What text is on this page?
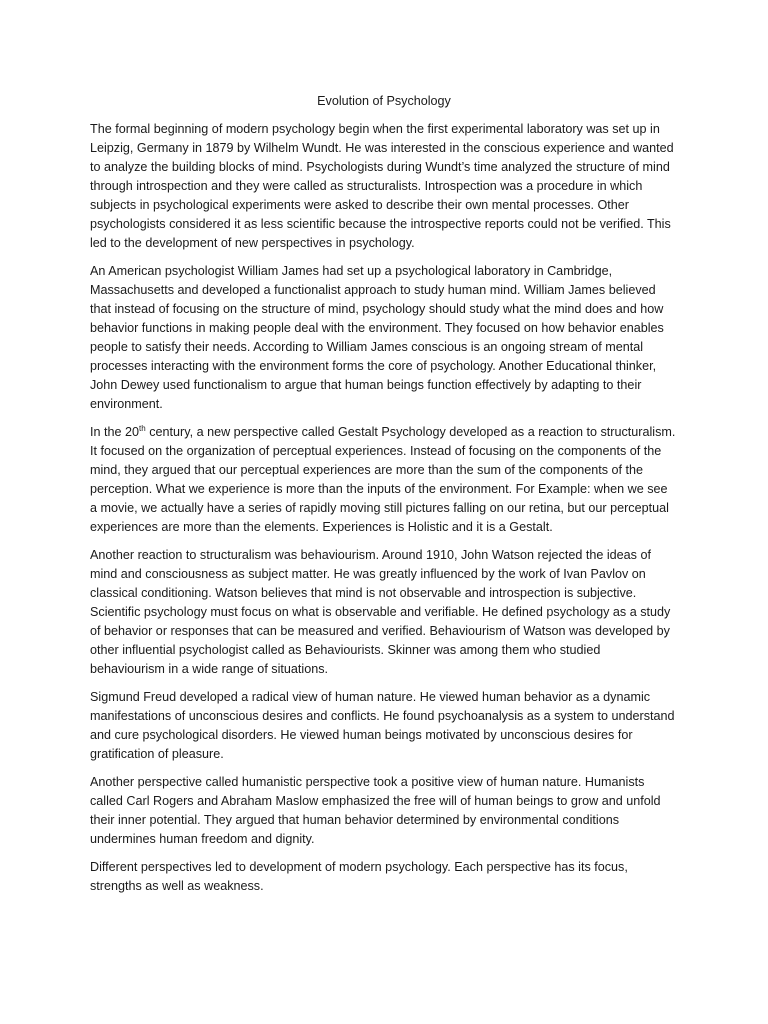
Evolution of Psychology

The formal beginning of modern psychology begin when the first experimental laboratory was set up in Leipzig, Germany in 1879 by Wilhelm Wundt. He was interested in the conscious experience and wanted to analyze the building blocks of mind. Psychologists during Wundt’s time analyzed the structure of mind through introspection and they were called as structuralists. Introspection was a procedure in which subjects in psychological experiments were asked to describe their own mental processes. Other psychologists considered it as less scientific because the introspective reports could not be verified. This led to the development of new perspectives in psychology.

An American psychologist William James had set up a psychological laboratory in Cambridge, Massachusetts and developed a functionalist approach to study human mind. William James believed that instead of focusing on the structure of mind, psychology should study what the mind does and how behavior functions in making people deal with the environment. They focused on how behavior enables people to satisfy their needs. According to William James conscious is an ongoing stream of mental processes interacting with the environment forms the core of psychology. Another Educational thinker, John Dewey used functionalism to argue that human beings function effectively by adapting to their environment.

In the 20th century, a new perspective called Gestalt Psychology developed as a reaction to structuralism. It focused on the organization of perceptual experiences. Instead of focusing on the components of the mind, they argued that our perceptual experiences are more than the sum of the components of the perception. What we experience is more than the inputs of the environment. For Example: when we see a movie, we actually have a series of rapidly moving still pictures falling on our retina, but our perceptual experiences are more than the elements. Experiences is Holistic and it is a Gestalt.

Another reaction to structuralism was behaviourism. Around 1910, John Watson rejected the ideas of mind and consciousness as subject matter. He was greatly influenced by the work of Ivan Pavlov on classical conditioning. Watson believes that mind is not observable and introspection is subjective. Scientific psychology must focus on what is observable and verifiable. He defined psychology as a study of behavior or responses that can be measured and verified. Behaviourism of Watson was developed by other influential psychologist called as Behaviourists. Skinner was among them who studied behaviourism in a wide range of situations.

Sigmund Freud developed a radical view of human nature. He viewed human behavior as a dynamic manifestations of unconscious desires and conflicts. He found psychoanalysis as a system to understand and cure psychological disorders. He viewed human beings motivated by unconscious desires for gratification of pleasure.

Another perspective called humanistic perspective took a positive view of human nature. Humanists called Carl Rogers and Abraham Maslow emphasized the free will of human beings to grow and unfold their inner potential. They argued that human behavior determined by environmental conditions undermines human freedom and dignity.

Different perspectives led to development of modern psychology. Each perspective has its focus, strengths as well as weakness.
